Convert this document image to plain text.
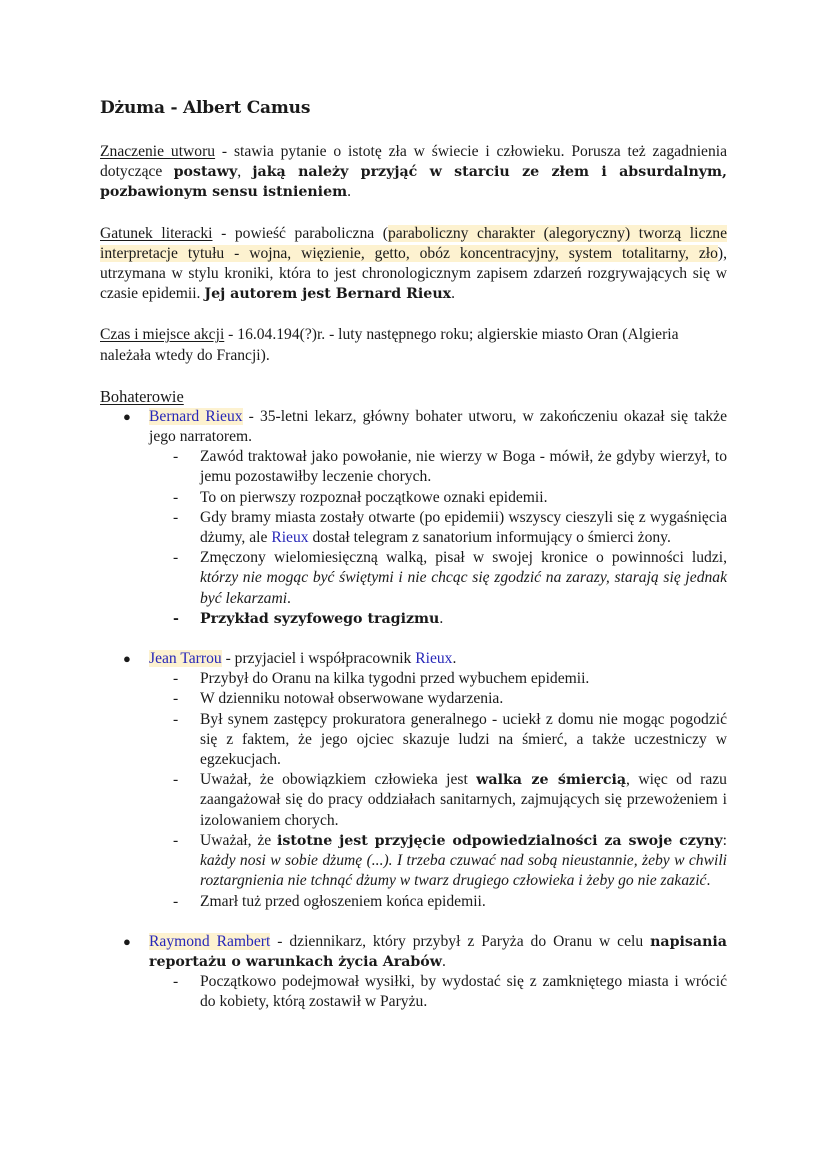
Dżuma - Albert Camus

Znaczenie utworu - stawia pytanie o istotę zła w świecie i człowieku. Porusza też zagadnienia dotyczące postawy, jaką należy przyjąć w starciu ze złem i absurdalnym, pozbawionym sensu istnieniem.

Gatunek literacki - powieść paraboliczna (paraboliczny charakter (alegoryczny) tworzą liczne interpretacje tytułu - wojna, więzienie, getto, obóz koncentracyjny, system totalitarny, zło), utrzymana w stylu kroniki, która to jest chronologicznym zapisem zdarzeń rozgrywających się w czasie epidemii. Jej autorem jest Bernard Rieux.

Czas i miejsce akcji - 16.04.194(?)r. - luty następnego roku; algierskie miasto Oran (Algieria należała wtedy do Francji).

Bohaterowie
● Bernard Rieux - 35-letni lekarz, główny bohater utworu, w zakończeniu okazał się także jego narratorem.
- Zawód traktował jako powołanie, nie wierzy w Boga - mówił, że gdyby wierzył, to jemu pozostawiłby leczenie chorych.
- To on pierwszy rozpoznał początkowe oznaki epidemii.
- Gdy bramy miasta zostały otwarte (po epidemii) wszyscy cieszyli się z wygaśnięcia dżumy, ale Rieux dostał telegram z sanatorium informujący o śmierci żony.
- Zmęczony wielomiesięczną walką, pisał w swojej kronice o powinności ludzi, którzy nie mogąc być świętymi i nie chcąc się zgodzić na zarazy, starają się jednak być lekarzami.
- Przykład syzyfowego tragizmu.
● Jean Tarrou - przyjaciel i współpracownik Rieux.
- Przybył do Oranu na kilka tygodni przed wybuchem epidemii.
- W dzienniku notował obserwowane wydarzenia.
- Był synem zastępcy prokuratora generalnego - uciekł z domu nie mogąc pogodzić się z faktem, że jego ojciec skazuje ludzi na śmierć, a także uczestniczy w egzekucjach.
- Uważał, że obowiązkiem człowieka jest walka ze śmiercią, więc od razu zaangażował się do pracy oddziałach sanitarnych, zajmujących się przewożeniem i izolowaniem chorych.
- Uważał, że istotne jest przyjęcie odpowiedzialności za swoje czyny: każdy nosi w sobie dżumę (...). I trzeba czuwać nad sobą nieustannie, żeby w chwili roztargnienia nie tchnąć dżumy w twarz drugiego człowieka i żeby go nie zakazić.
- Zmarł tuż przed ogłoszeniem końca epidemii.
● Raymond Rambert - dziennikarz, który przybył z Paryża do Oranu w celu napisania reportażu o warunkach życia Arabów.
- Początkowo podejmował wysiłki, by wydostać się z zamkniętego miasta i wrócić do kobiety, którą zostawił w Paryżu.
